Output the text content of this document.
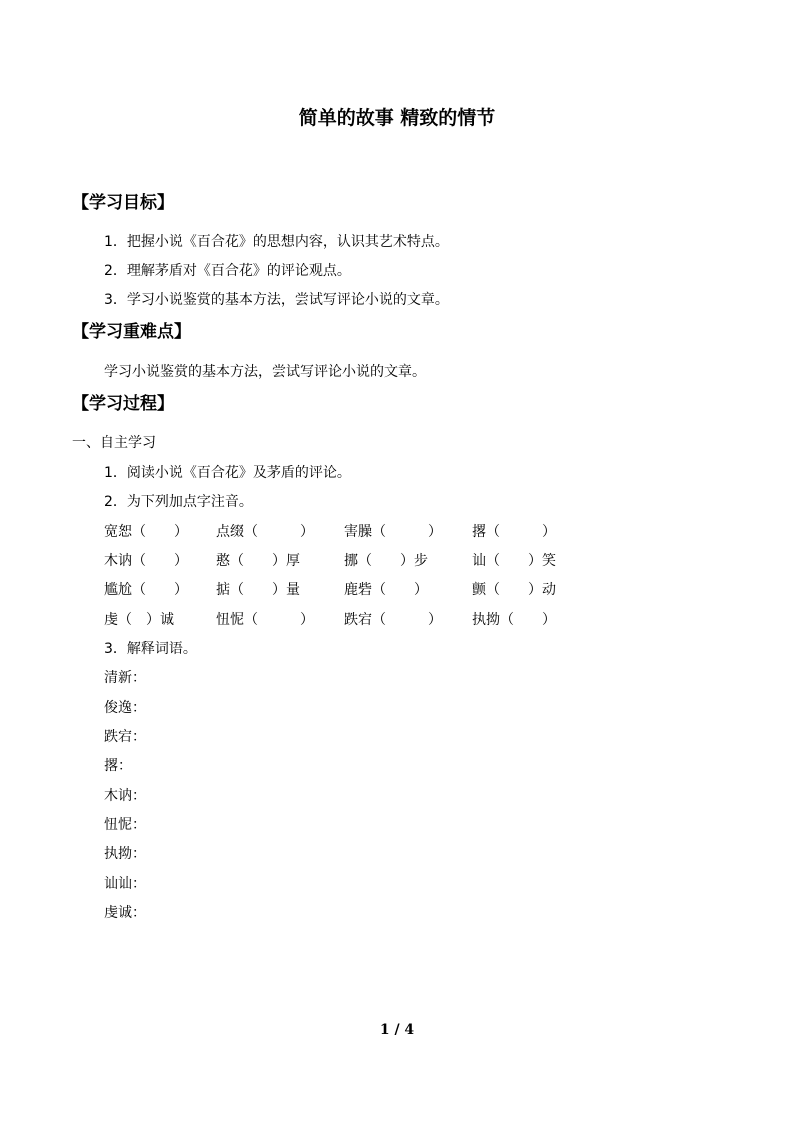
简单的故事 精致的情节
【学习目标】
1．把握小说《百合花》的思想内容，认识其艺术特点。
2．理解茅盾对《百合花》的评论观点。
3．学习小说鉴赏的基本方法，尝试写评论小说的文章。
【学习重难点】
学习小说鉴赏的基本方法，尝试写评论小说的文章。
【学习过程】
一、自主学习
1．阅读小说《百合花》及茅盾的评论。
2．为下列加点字注音。
宽恕（　　） 点缀（　　　） 害臊（　　　） 撂（　　　）
木讷（　　） 憨（　　）厚	挪（　　）步	讪（　　）笑
尴尬（　　） 掂（　　）量	鹿砦（　　）	颤（　　）动
虔（　）诚	忸怩（　　　） 跌宕（　　　） 执拗（　　）
3．解释词语。
清新：
俊逸：
跌宕：
撂：
木讷：
忸怩：
执拗：
讪讪：
虔诚：
1 / 4
